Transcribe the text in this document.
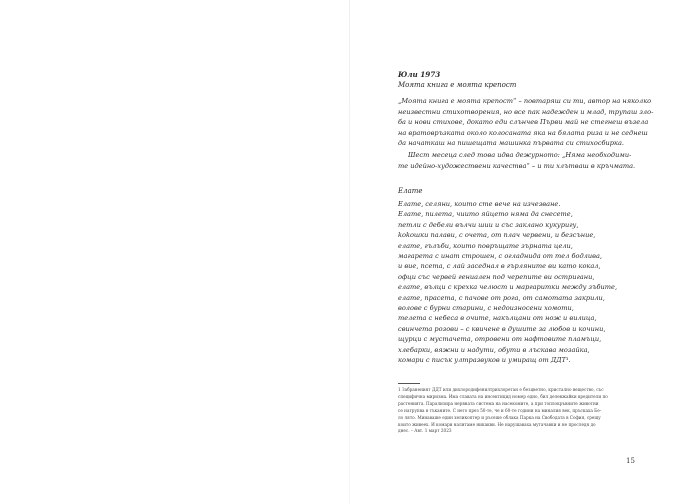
Юли 1973
Моята книга е моята крепост
„Моята книга е моята крепост“ – повтаряш си ти, автор на няколко
неизвестни стихотворения, но все пак надежден и млад, трупаш зло-
ба и нови стихове, докато еди слънчев Първи май не стегнеш възела
на вратовръзката около колосаната яка на бялата риза и не седнеш
да начаткаш на пишещата машинка първата си стихосбирка.
Шест месеца след това идва дежурното: „Няма необходими-
те идейно-художествени качества“ – и ти хлътваш в кръчмата.
Елате
Елате, селяни, които сте вече на изчезване.
Елате, пилета, чиито яйцето няма да снесете,
петли с дебели вълчи шии и със заклано кукуригу,
kokошки палави, с очета, от плач червени, и безсъние,
елате, гълъби, които повръщате зърната цели,
магарета с инат строшен, с огладнида от тел бодлива,
и вие, псета, с лай заседнал в гърляните ви като кокал,
офци със червей гениален под черепите ви остригани,
елате, вълци с крехка челюст и маргаритки между зъбите,
елате, прасета, с пачове от рога, от самотата закрили,
волове с бурни старини, с недоизносени хомоти,
телета с небеса в очите, накълцани от нож и вилица,
свинчета розови – с квичене в душите за любов и кочини,
щурци с мустачета, отровени от нафтовите пламъци,
хлебарки, вяжни и надути, обути в лъскава мозайка,
комари с писък ултразвуков и умиращ от ДДТ¹.
1 Забраненият ДДТ или дихлородифенилтрихлоретан е безцветно, кристално вещество, със
специфична миризма. Има славата на инсектицид номер едно, бил делевжайки вредители по
растенията. Парализира нервната система на насекомите, а при топлокръвните животни
се натрупва в тъканите. С него през 50-те, че и 60-те години на миналия век, пръскаха Бе-
ло лято. Минаваше един хеликоптер и ръсеше облака Парка на Свободата в София, срещу
които живеех. И комари налитаме никакви. Не нарушаваха мутачавки и не проследя до
днес. – Авт. 1 март 2023
15
